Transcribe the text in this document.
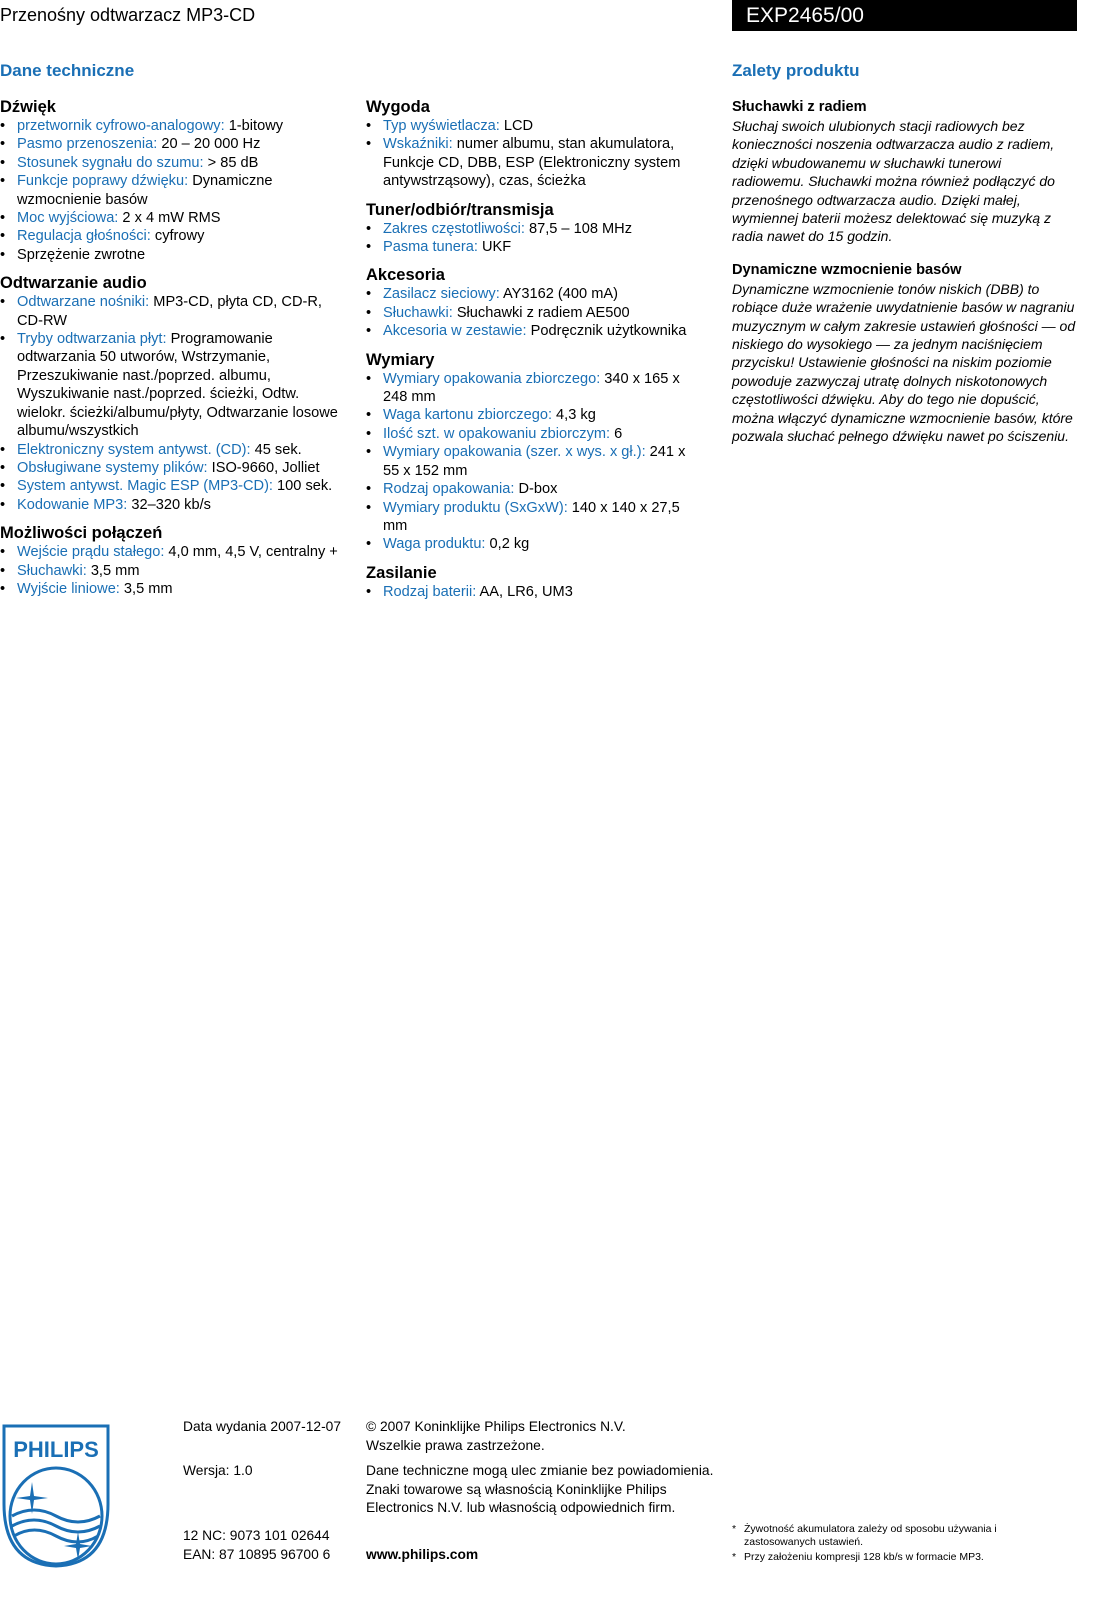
Przenośny odtwarzacz MP3-CD	EXP2465/00
Dane techniczne	Zalety produktu
Dźwięk
• przetwornik cyfrowo-analogowy: 1-bitowy
• Pasmo przenoszenia: 20 – 20 000 Hz
• Stosunek sygnału do szumu: > 85 dB
• Funkcje poprawy dźwięku: Dynamiczne wzmocnienie basów
• Moc wyjściowa: 2 x 4 mW RMS
• Regulacja głośności: cyfrowy
• Sprzężenie zwrotne
Odtwarzanie audio
• Odtwarzane nośniki: MP3-CD, płyta CD, CD-R, CD-RW
• Tryby odtwarzania płyt: Programowanie odtwarzania 50 utworów, Wstrzymanie, Przeszukiwanie nast./poprzed. albumu, Wyszukiwanie nast./poprzed. ścieżki, Odtw. wielokr. ścieżki/albumu/płyty, Odtwarzanie losowe albumu/wszystkich
• Elektroniczny system antywst. (CD): 45 sek.
• Obsługiwane systemy plików: ISO-9660, Jolliet
• System antywst. Magic ESP (MP3-CD): 100 sek.
• Kodowanie MP3: 32–320 kb/s
Możliwości połączeń
• Wejście prądu stałego: 4,0 mm, 4,5 V, centralny +
• Słuchawki: 3,5 mm
• Wyjście liniowe: 3,5 mm
Wygoda
• Typ wyświetlacza: LCD
• Wskaźniki: numer albumu, stan akumulatora, Funkcje CD, DBB, ESP (Elektroniczny system antywstrząsowy), czas, ścieżka
Tuner/odbiór/transmisja
• Zakres częstotliwości: 87,5 – 108 MHz
• Pasma tunera: UKF
Akcesoria
• Zasilacz sieciowy: AY3162 (400 mA)
• Słuchawki: Słuchawki z radiem AE500
• Akcesoria w zestawie: Podręcznik użytkownika
Wymiary
• Wymiary opakowania zbiorczego: 340 x 165 x 248 mm
• Waga kartonu zbiorczego: 4,3 kg
• Ilość szt. w opakowaniu zbiorczym: 6
• Wymiary opakowania (szer. x wys. x gł.): 241 x 55 x 152 mm
• Rodzaj opakowania: D-box
• Wymiary produktu (SxGxW): 140 x 140 x 27,5 mm
• Waga produktu: 0,2 kg
Zasilanie
• Rodzaj baterii: AA, LR6, UM3
Słuchawki z radiem

Słuchaj swoich ulubionych stacji radiowych bez konieczności noszenia odtwarzacza audio z radiem, dzięki wbudowanemu w słuchawki tunerowi radiowemu. Słuchawki można również podłączyć do przenośnego odtwarzacza audio. Dzięki małej, wymiennej baterii możesz delektować się muzyką z radia nawet do 15 godzin.

Dynamiczne wzmocnienie basów

Dynamiczne wzmocnienie tonów niskich (DBB) to robiące duże wrażenie uwydatnienie basów w nagraniu muzycznym w całym zakresie ustawień głośności — od niskiego do wysokiego — za jednym naciśnięciem przycisku! Ustawienie głośności na niskim poziomie powoduje zazwyczaj utratę dolnych niskotonowych częstotliwości dźwięku. Aby do tego nie dopuścić, można włączyć dynamiczne wzmocnienie basów, które pozwala słuchać pełnego dźwięku nawet po ściszeniu.

PHILIPS
Data wydania 2007-12-07
Wersja: 1.0
12 NC: 9073 101 02644
EAN: 87 10895 96700 6
© 2007 Koninklijke Philips Electronics N.V.
Wszelkie prawa zastrzeżone.
Dane techniczne mogą ulec zmianie bez powiadomienia.
Znaki towarowe są własnością Koninklijke Philips
Electronics N.V. lub własnością odpowiednich firm.
www.philips.com
* Żywotność akumulatora zależy od sposobu używania i zastosowanych ustawień.
* Przy założeniu kompresji 128 kb/s w formacie MP3.
